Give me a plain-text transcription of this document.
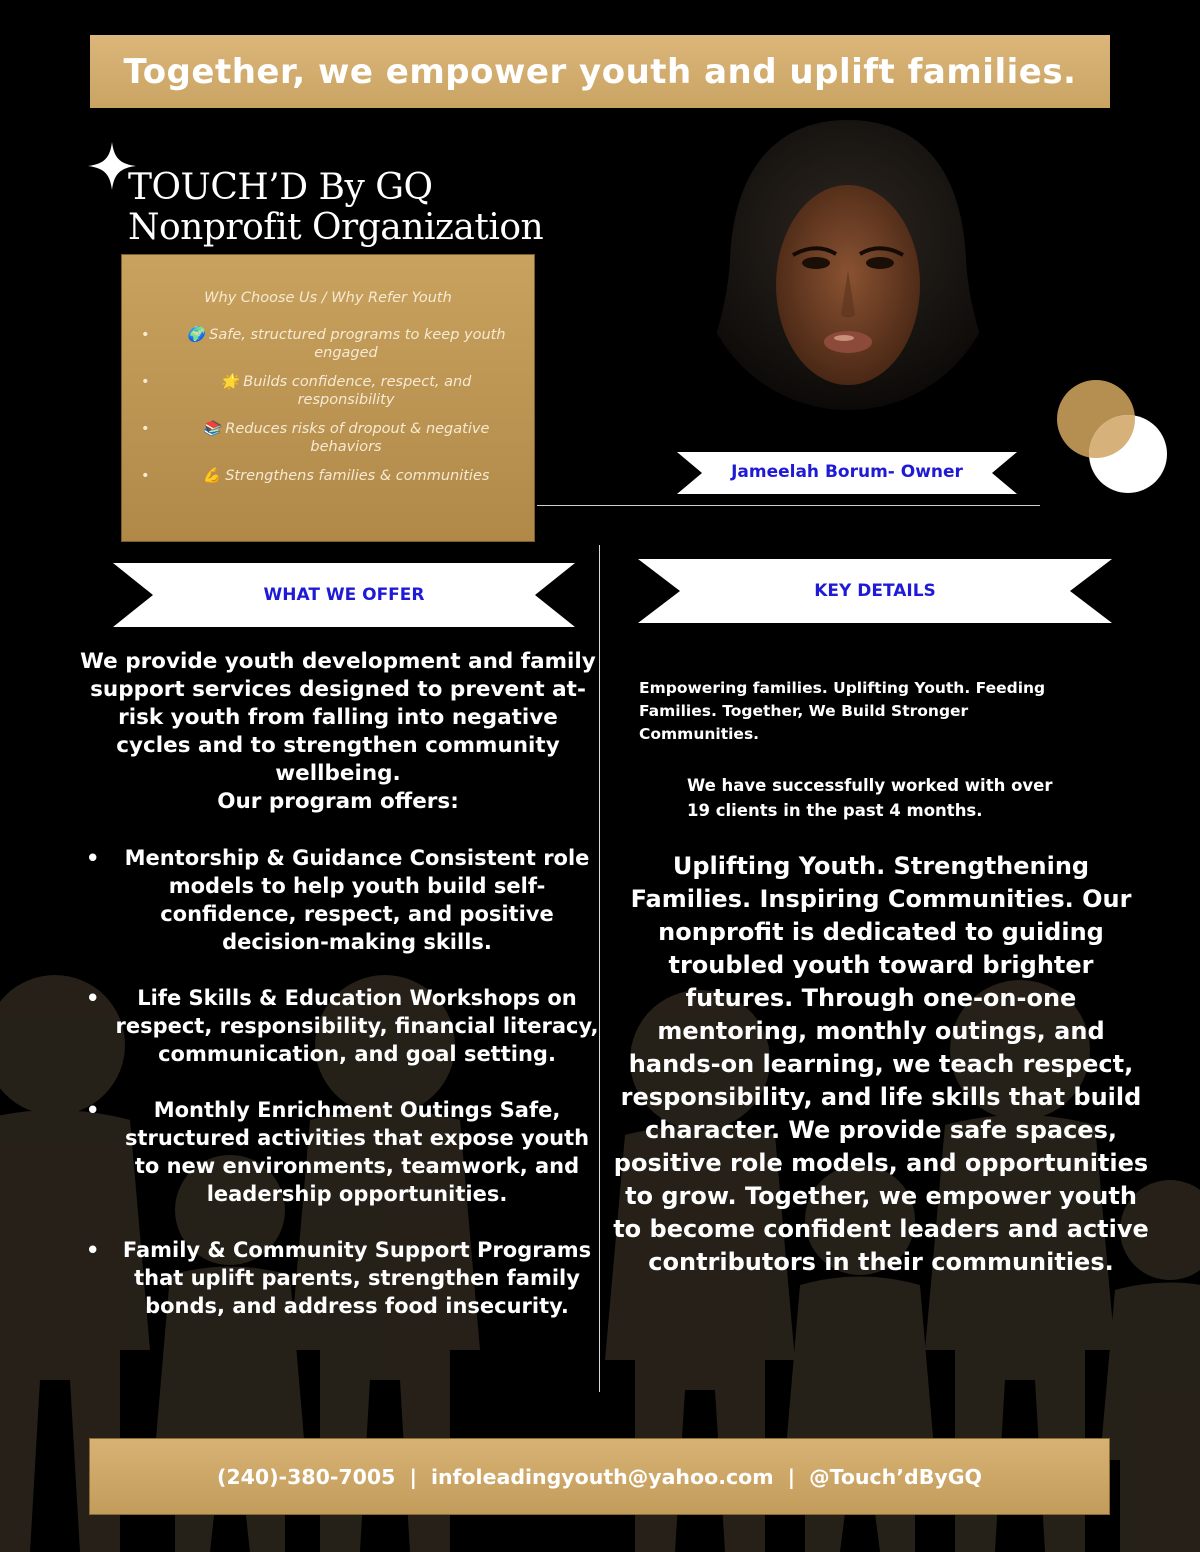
Together, we empower youth and uplift families.
TOUCH’D By GQ
Nonprofit Organization
Why Choose Us / Why Refer Youth
• 🌍 Safe, structured programs to keep youth engaged
• 🌟 Builds confidence, respect, and responsibility
• 📚 Reduces risks of dropout & negative behaviors
• 💪 Strengthens families & communities	Jameelah Borum- Owner
WHAT WE OFFER	KEY DETAILS
We provide youth development and family support services designed to prevent at-risk youth from falling into negative cycles and to strengthen community wellbeing.
Our program offers:
• Mentorship & Guidance Consistent role models to help youth build self-confidence, respect, and positive decision-making skills.
• Life Skills & Education Workshops on respect, responsibility, financial literacy, communication, and goal setting.
• Monthly Enrichment Outings Safe, structured activities that expose youth to new environments, teamwork, and leadership opportunities.
• Family & Community Support Programs that uplift parents, strengthen family bonds, and address food insecurity.
Empowering families. Uplifting Youth. Feeding Families. Together, We Build Stronger Communities.
We have successfully worked with over 19 clients in the past 4 months.
Uplifting Youth. Strengthening Families. Inspiring Communities. Our nonprofit is dedicated to guiding troubled youth toward brighter futures. Through one-on-one mentoring, monthly outings, and hands-on learning, we teach respect, responsibility, and life skills that build character. We provide safe spaces, positive role models, and opportunities to grow. Together, we empower youth to become confident leaders and active contributors in their communities.
(240)-380-7005 | infoleadingyouth@yahoo.com | @Touch’dByGQ
